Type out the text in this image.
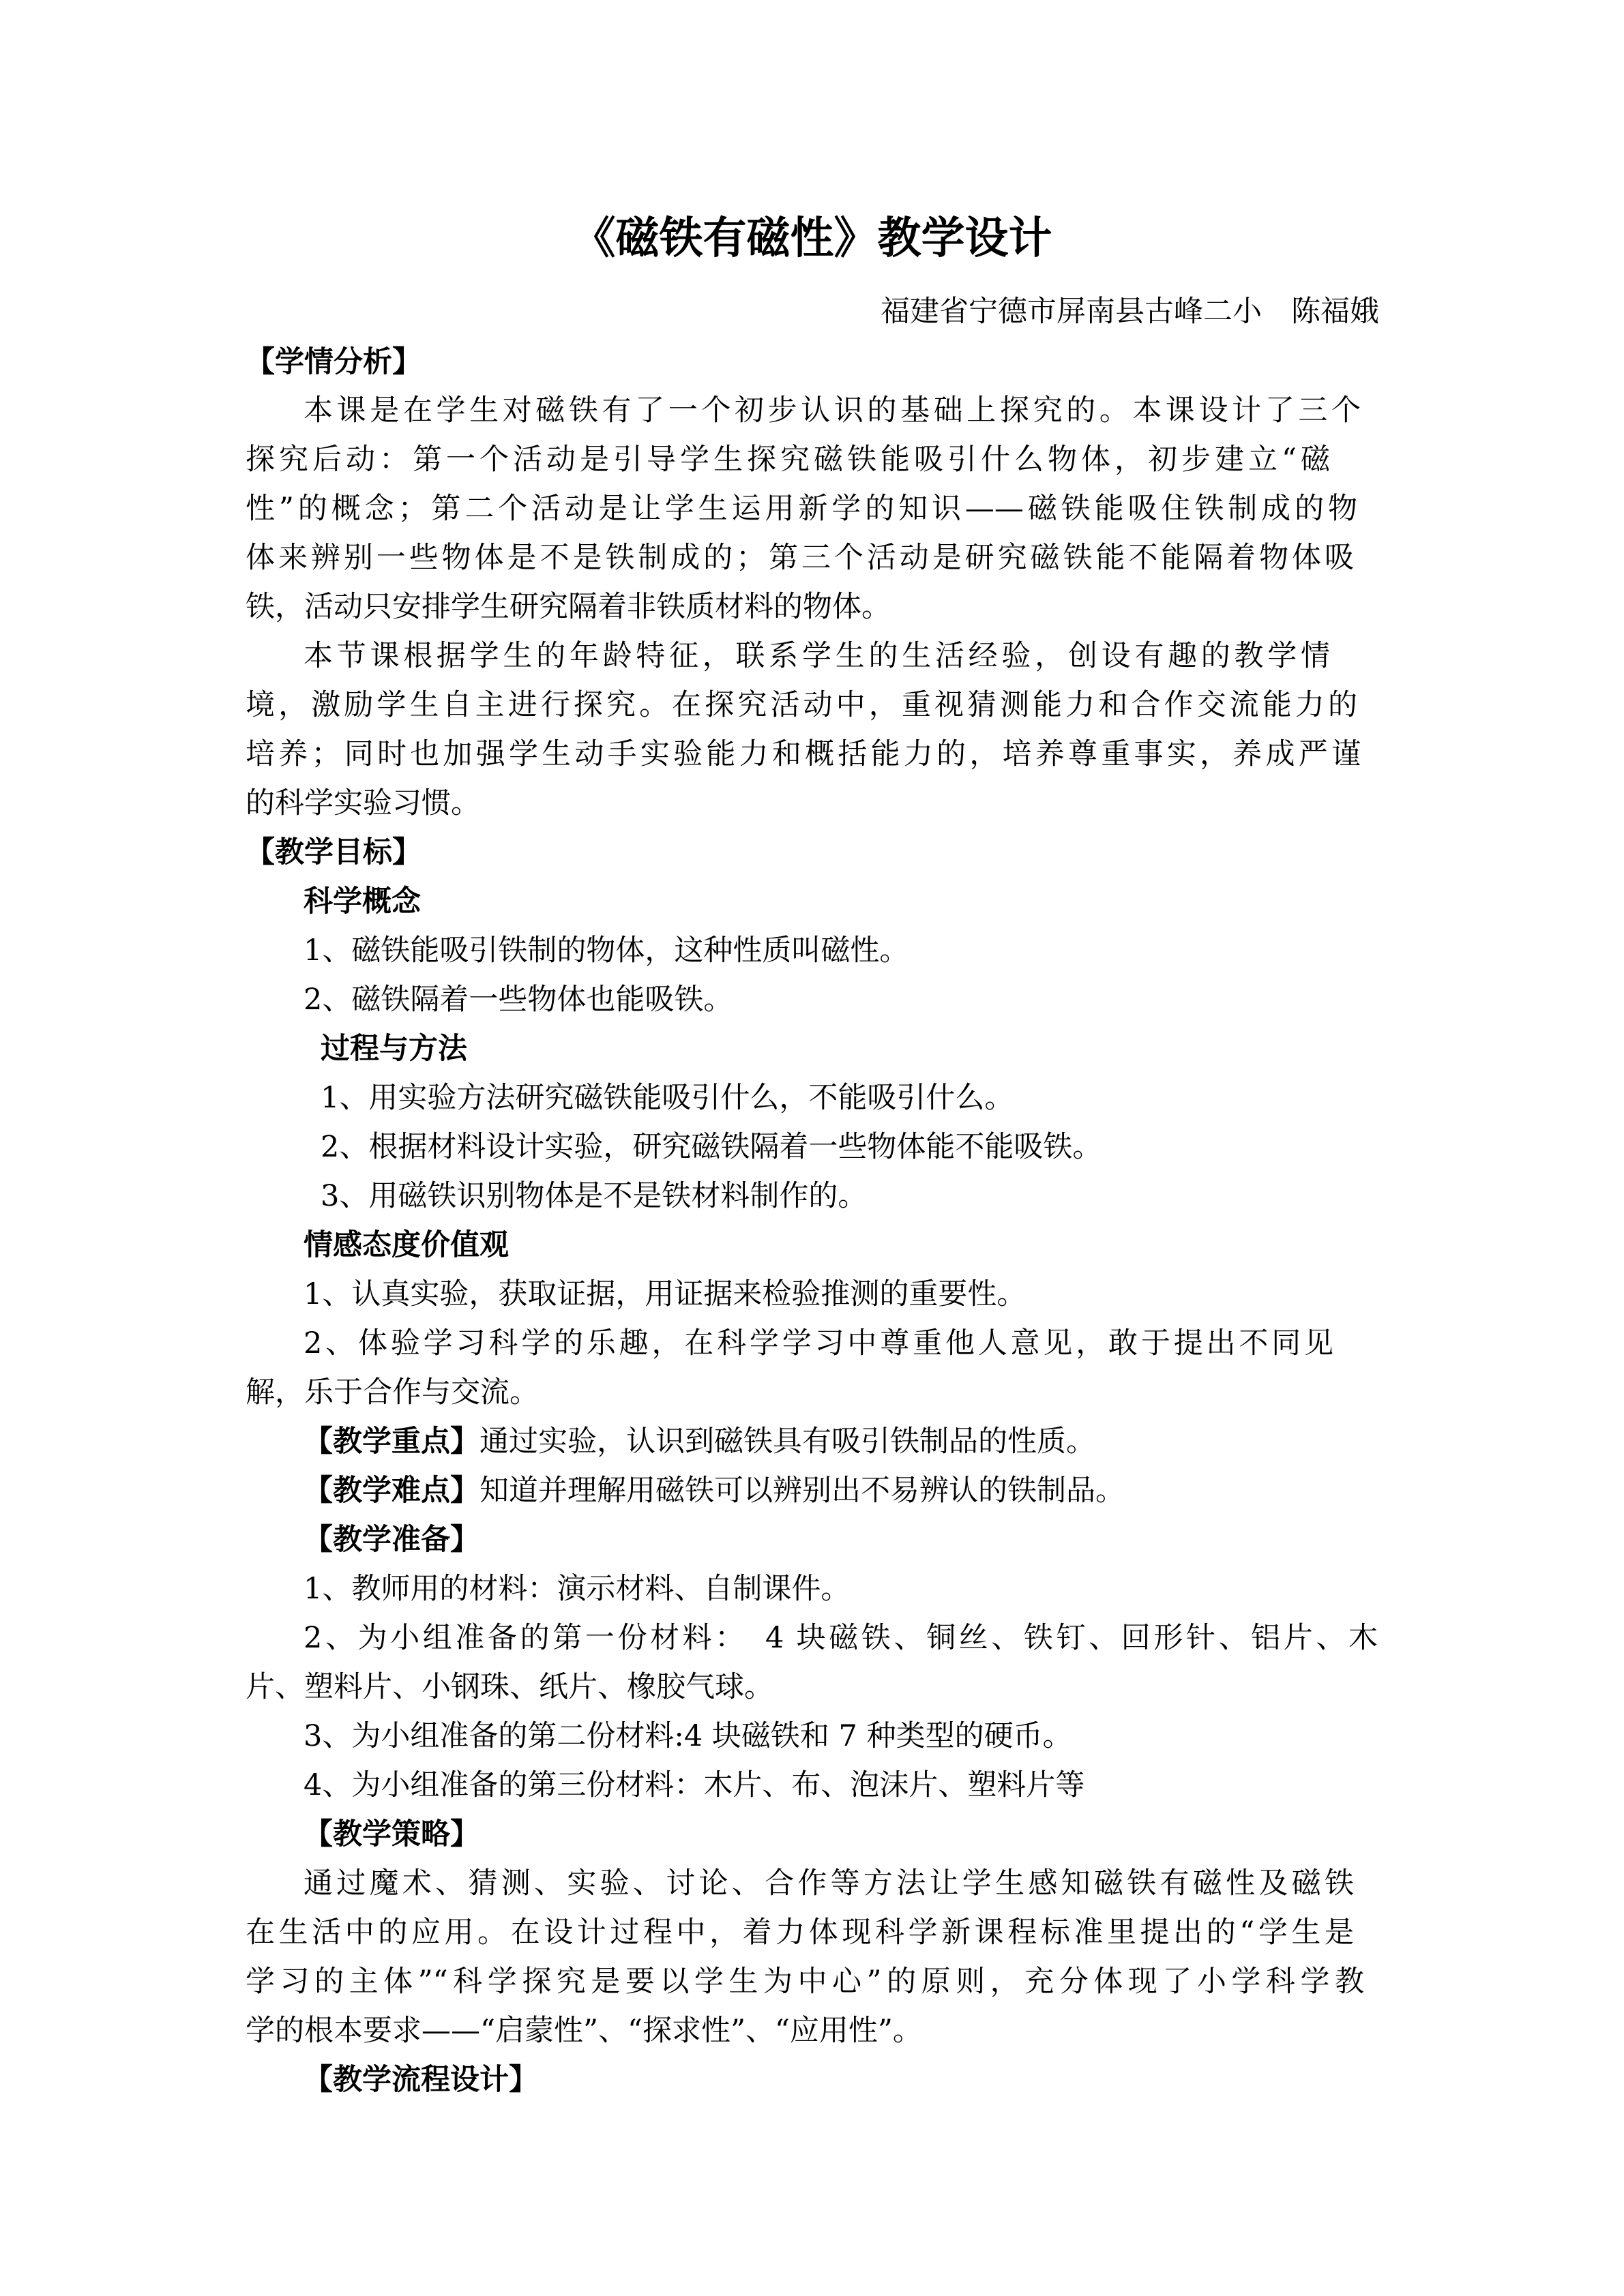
《磁铁有磁性》教学设计
福建省宁德市屏南县古峰二小　陈福娥
【学情分析】
本课是在学生对磁铁有了一个初步认识的基础上探究的。本课设计了三个
探究后动：第一个活动是引导学生探究磁铁能吸引什么物体，初步建立“磁
性”的概念；第二个活动是让学生运用新学的知识——磁铁能吸住铁制成的物
体来辨别一些物体是不是铁制成的；第三个活动是研究磁铁能不能隔着物体吸
铁，活动只安排学生研究隔着非铁质材料的物体。
本节课根据学生的年龄特征，联系学生的生活经验，创设有趣的教学情
境，激励学生自主进行探究。在探究活动中，重视猜测能力和合作交流能力的
培养；同时也加强学生动手实验能力和概括能力的，培养尊重事实，养成严谨
的科学实验习惯。
【教学目标】
科学概念
1、磁铁能吸引铁制的物体，这种性质叫磁性。
2、磁铁隔着一些物体也能吸铁。
过程与方法
1、用实验方法研究磁铁能吸引什么，不能吸引什么。
2、根据材料设计实验，研究磁铁隔着一些物体能不能吸铁。
3、用磁铁识别物体是不是铁材料制作的。
情感态度价值观
1、认真实验，获取证据，用证据来检验推测的重要性。
2、体验学习科学的乐趣，在科学学习中尊重他人意见，敢于提出不同见
解，乐于合作与交流。
【教学重点】通过实验，认识到磁铁具有吸引铁制品的性质。
【教学难点】知道并理解用磁铁可以辨别出不易辨认的铁制品。
【教学准备】
1、教师用的材料：演示材料、自制课件。
2、为小组准备的第一份材料：　4 块磁铁、铜丝、铁钉、回形针、铝片、木
片、塑料片、小钢珠、纸片、橡胶气球。
3、为小组准备的第二份材料:4 块磁铁和 7 种类型的硬币。
4、为小组准备的第三份材料：木片、布、泡沫片、塑料片等
【教学策略】
通过魔术、猜测、实验、讨论、合作等方法让学生感知磁铁有磁性及磁铁
在生活中的应用。在设计过程中，着力体现科学新课程标准里提出的“学生是
学习的主体”“科学探究是要以学生为中心”的原则，充分体现了小学科学教
学的根本要求——“启蒙性”、“探求性”、“应用性”。
【教学流程设计】
